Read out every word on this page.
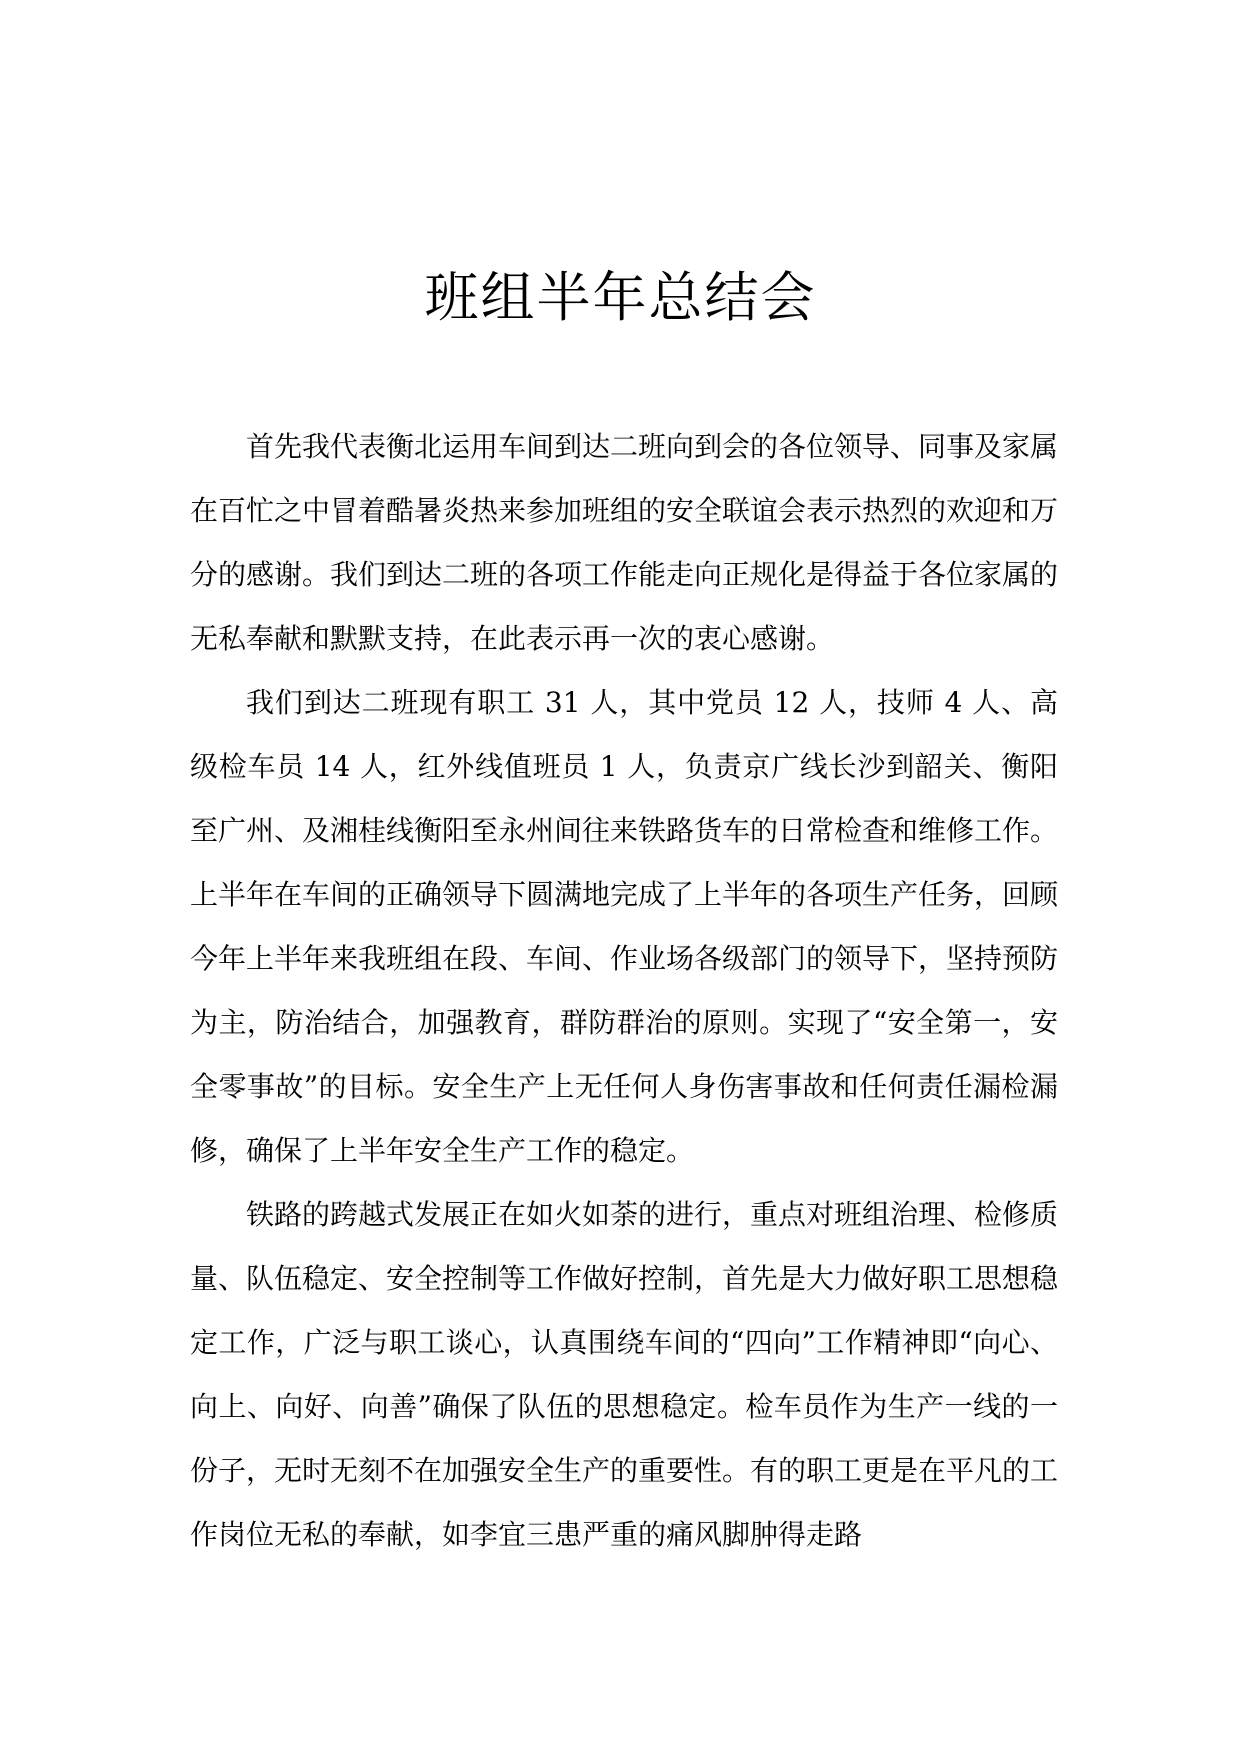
班组半年总结会

首先我代表衡北运用车间到达二班向到会的各位领导、同事及家属在百忙之中冒着酷暑炎热来参加班组的安全联谊会表示热烈的欢迎和万分的感谢。我们到达二班的各项工作能走向正规化是得益于各位家属的无私奉献和默默支持，在此表示再一次的衷心感谢。

我们到达二班现有职工 31 人，其中党员 12 人，技师 4 人、高级检车员 14 人，红外线值班员 1 人，负责京广线长沙到韶关、衡阳至广州、及湘桂线衡阳至永州间往来铁路货车的日常检查和维修工作。上半年在车间的正确领导下圆满地完成了上半年的各项生产任务，回顾今年上半年来我班组在段、车间、作业场各级部门的领导下，坚持预防为主，防治结合，加强教育，群防群治的原则。实现了“安全第一，安全零事故”的目标。安全生产上无任何人身伤害事故和任何责任漏检漏修，确保了上半年安全生产工作的稳定。

铁路的跨越式发展正在如火如荼的进行，重点对班组治理、检修质量、队伍稳定、安全控制等工作做好控制，首先是大力做好职工思想稳定工作，广泛与职工谈心，认真围绕车间的“四向”工作精神即“向心、向上、向好、向善”确保了队伍的思想稳定。检车员作为生产一线的一份子，无时无刻不在加强安全生产的重要性。有的职工更是在平凡的工作岗位无私的奉献，如李宜三患严重的痛风脚肿得走路
